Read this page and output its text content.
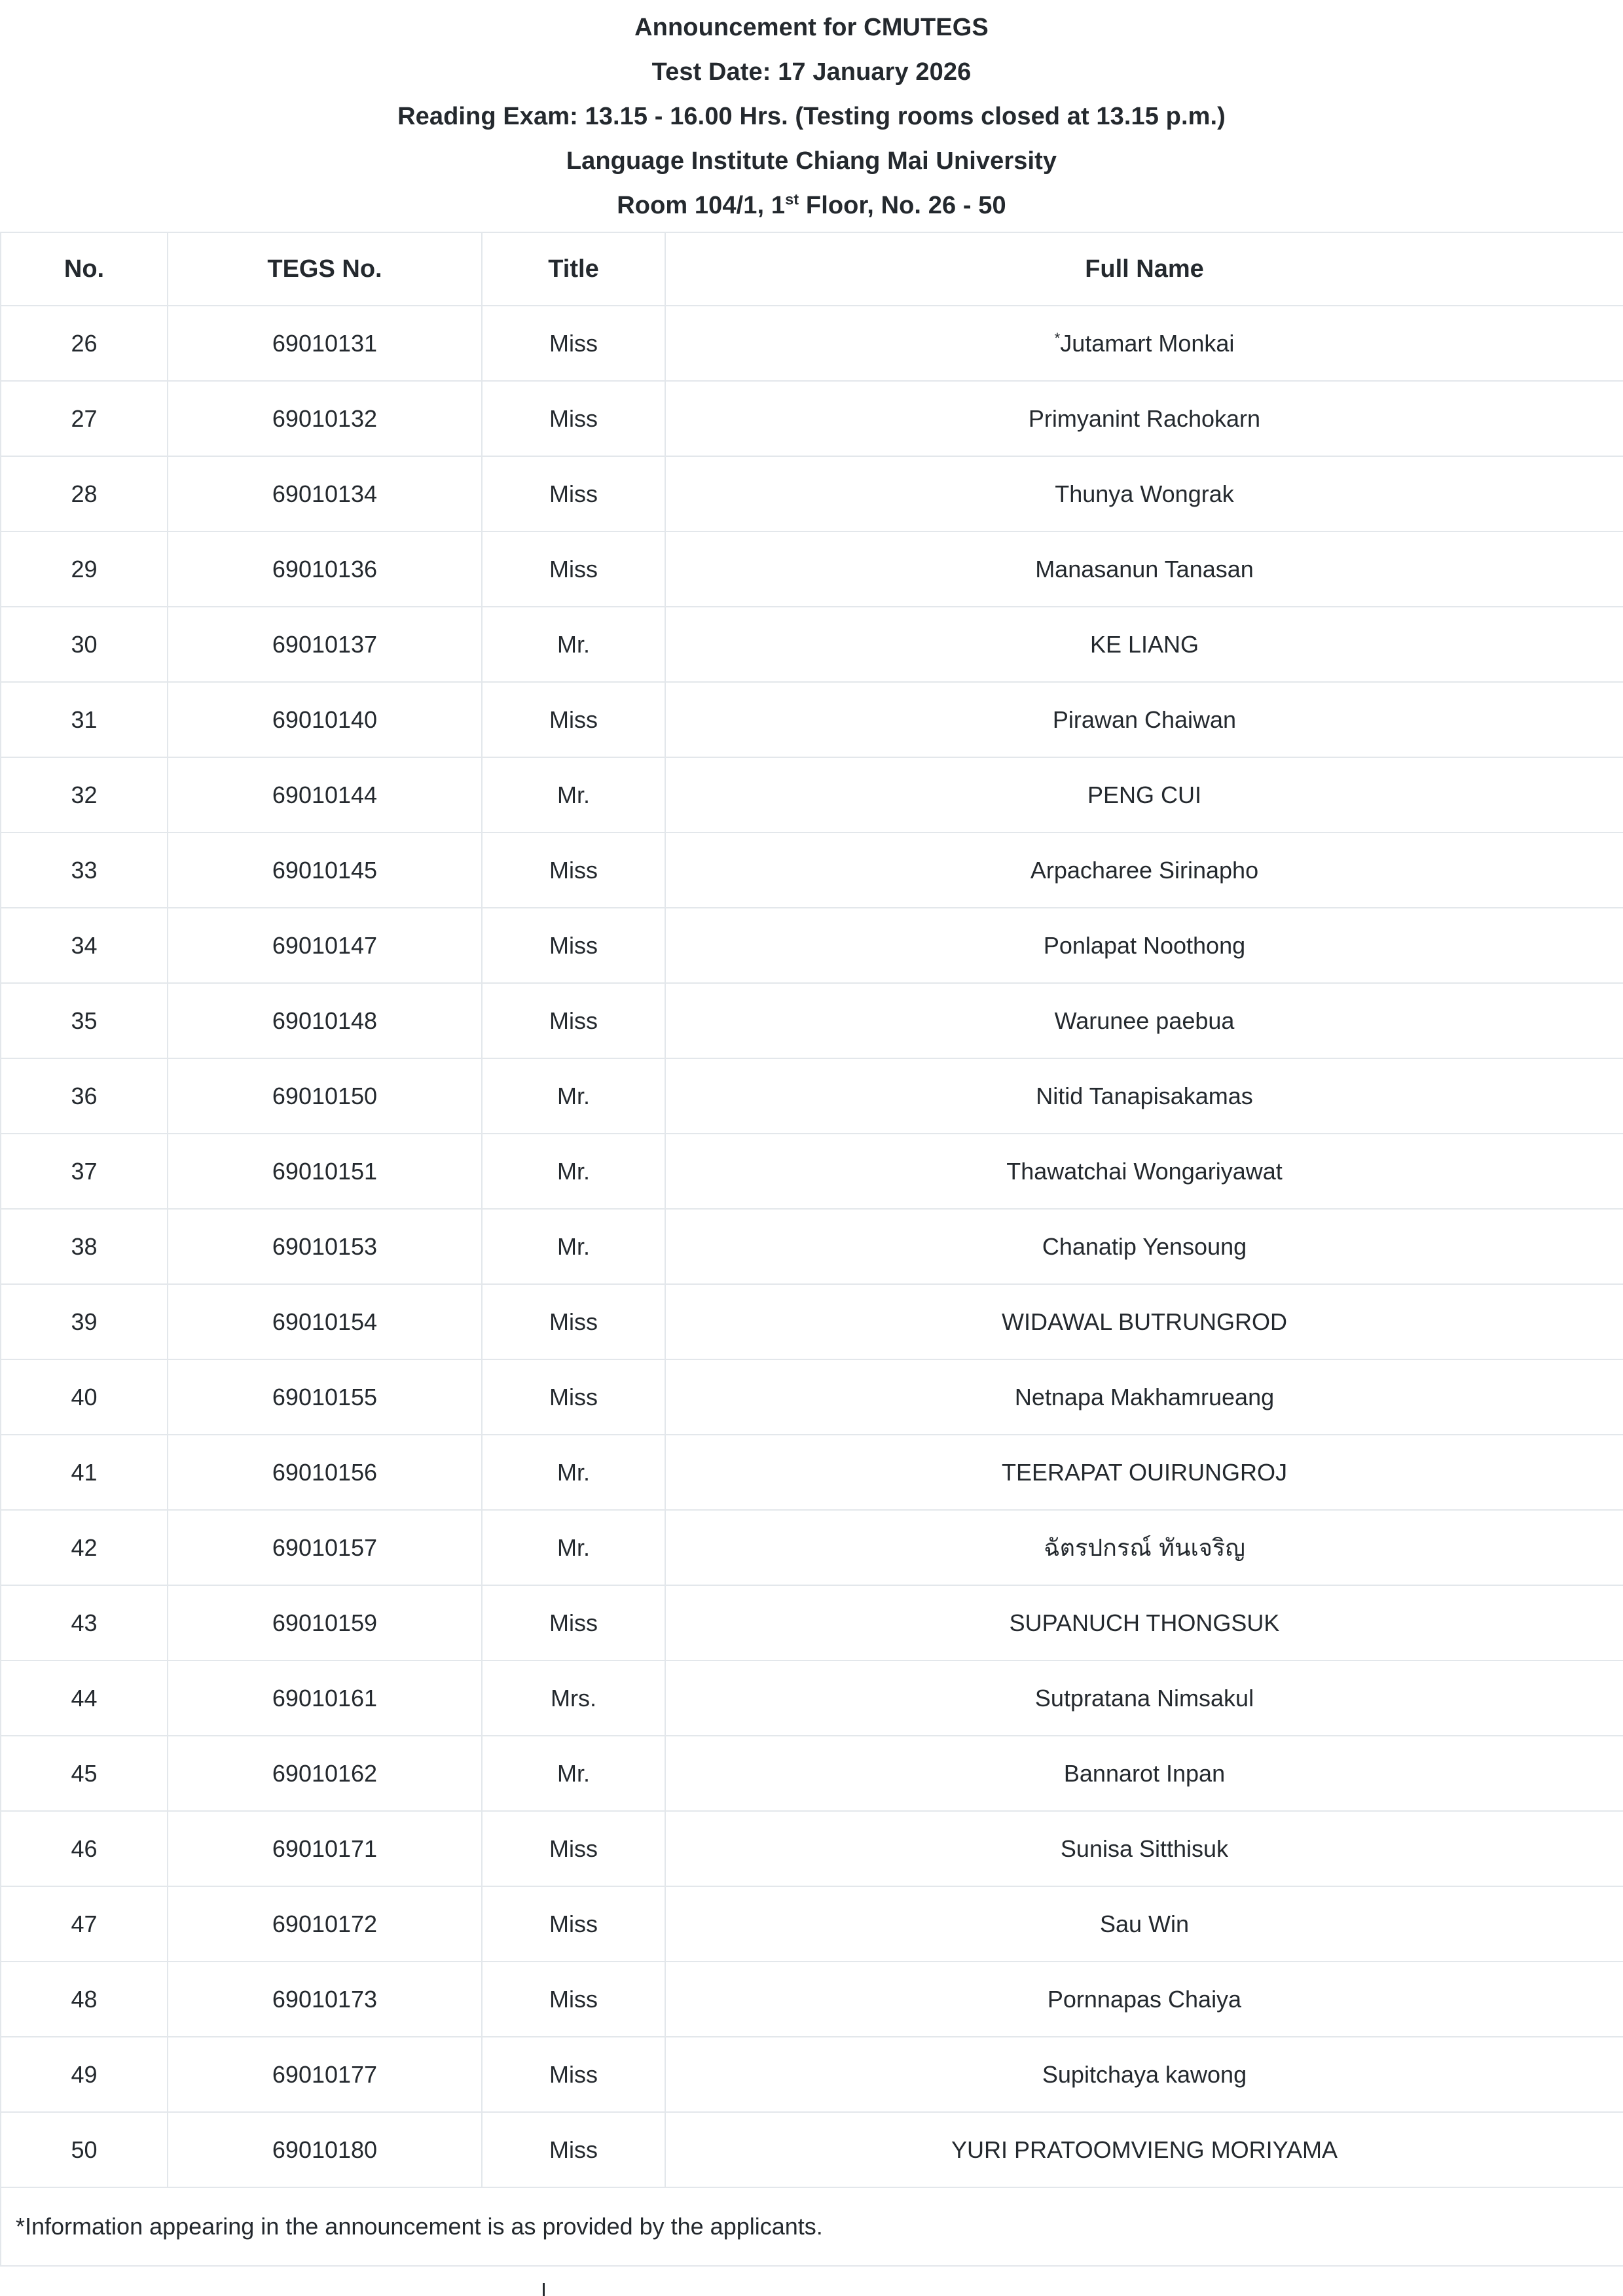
Announcement for CMUTEGS
Test Date: 17 January 2026
Reading Exam: 13.15 - 16.00 Hrs. (Testing rooms closed at 13.15 p.m.)
Language Institute Chiang Mai University
Room 104/1, 1st Floor, No. 26 - 50
No.	TEGS No.	Title	Full Name
26	69010131	Miss	*Jutamart Monkai
27	69010132	Miss	Primyanint Rachokarn
28	69010134	Miss	Thunya Wongrak
29	69010136	Miss	Manasanun Tanasan
30	69010137	Mr.	KE LIANG
31	69010140	Miss	Pirawan Chaiwan
32	69010144	Mr.	PENG CUI
33	69010145	Miss	Arpacharee Sirinapho
34	69010147	Miss	Ponlapat Noothong
35	69010148	Miss	Warunee paebua
36	69010150	Mr.	Nitid Tanapisakamas
37	69010151	Mr.	Thawatchai Wongariyawat
38	69010153	Mr.	Chanatip Yensoung
39	69010154	Miss	WIDAWAL BUTRUNGROD
40	69010155	Miss	Netnapa Makhamrueang
41	69010156	Mr.	TEERAPAT OUIRUNGROJ
42	69010157	Mr.	ฉัตรปกรณ์ ทันเจริญ
43	69010159	Miss	SUPANUCH THONGSUK
44	69010161	Mrs.	Sutpratana Nimsakul
45	69010162	Mr.	Bannarot Inpan
46	69010171	Miss	Sunisa Sitthisuk
47	69010172	Miss	Sau Win
48	69010173	Miss	Pornnapas Chaiya
49	69010177	Miss	Supitchaya kawong
50	69010180	Miss	YURI PRATOOMVIENG MORIYAMA
*Information appearing in the announcement is as provided by the applicants.			
